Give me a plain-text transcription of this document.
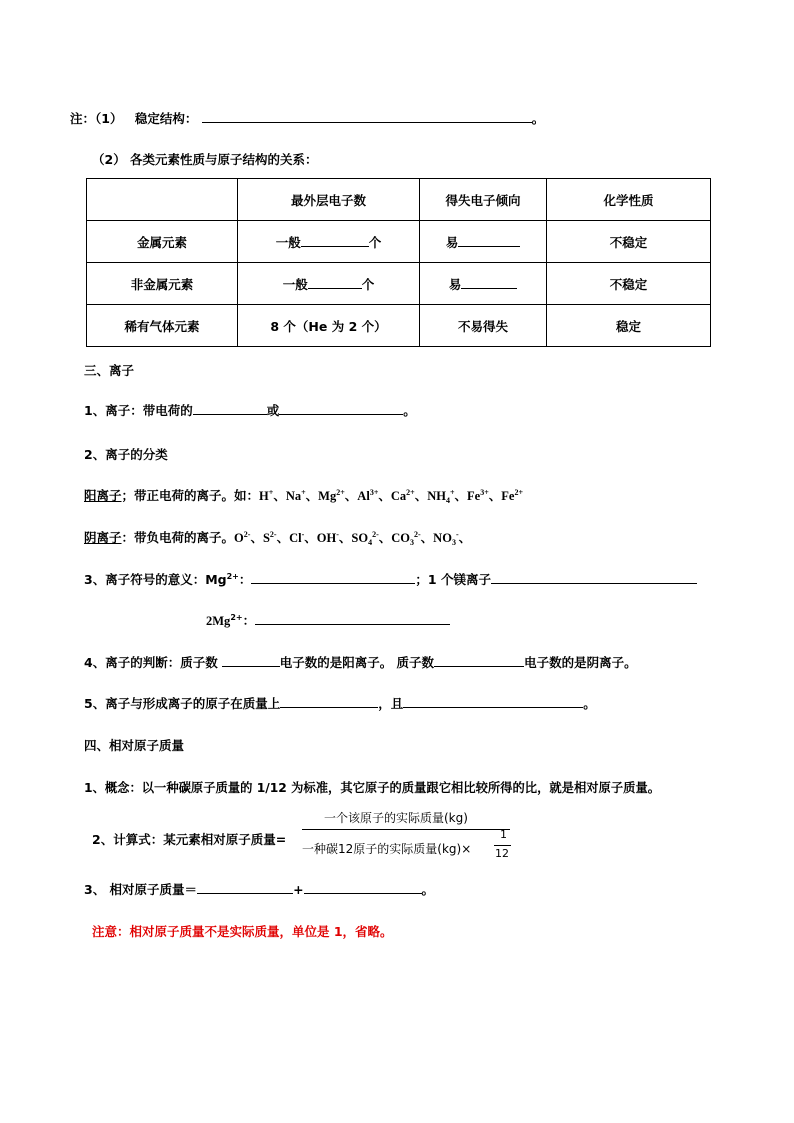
注：（1） 稳定结构：	。
（2） 各类元素性质与原子结构的关系：
	最外层电子数	得失电子倾向	化学性质
金属元素	一般 个	易	不稳定
非金属元素	一般 个	易	不稳定
稀有气体元素	8 个（He 为 2 个）	不易得失	稳定
三、离子
1、离子：带电荷的	或	。
2、离子的分类
阳离子；带正电荷的离子。如：H+、Na+、$Mg^{2+}$、$Al^{3+}$、$Ca^{2+}$、$NH_4^+$、$Fe^{3+}$、$Fe^{2+}$
阴离子：带负电荷的离子。$O^{2-}$、$S^{2-}$、Cl-、OH-、$SO_4^{2-}$、$CO_3^{2-}$、$NO_3^-$、
3、离子符号的意义：$Mg^{2+}$：	；1 个镁离子
$2Mg^{2+}$：
4、离子的判断：质子数	电子数的是阳离子。 质子数	电子数的是阴离子。
5、离子与形成离子的原子在质量上	，且	。
四、相对原子质量
1、概念：以一种碳原子质量的 1/12 为标准，其它原子的质量跟它相比较所得的比，就是相对原子质量。
2、计算式：某元素相对原子质量=
一个该原子的实际质量(kg)
一种碳12原子的实际质量(kg)×
1
12
3、 相对原子质量＝	+	。
注意：相对原子质量不是实际质量，单位是 1，省略。
